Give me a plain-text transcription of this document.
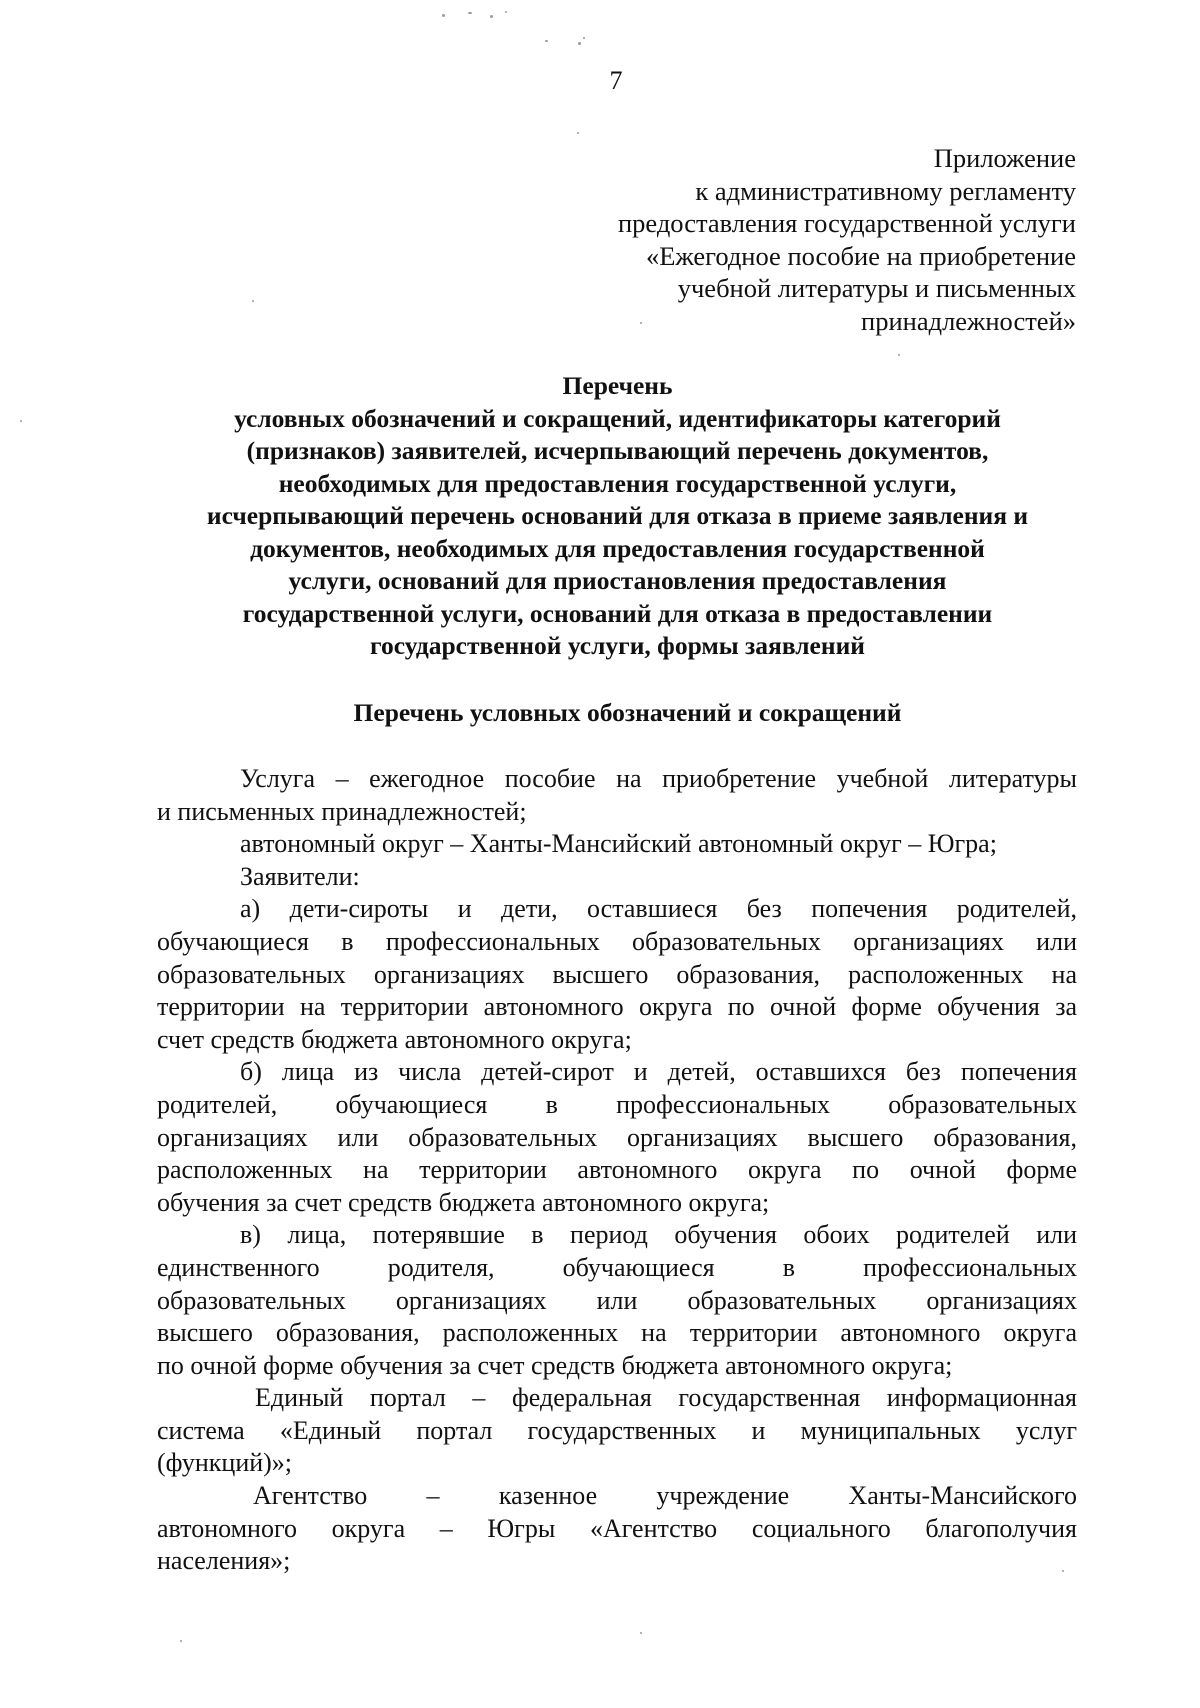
7
Приложение
к административному регламенту
предоставления государственной услуги
«Ежегодное пособие на приобретение
учебной литературы и письменных
принадлежностей»
Перечень
условных обозначений и сокращений, идентификаторы категорий
(признаков) заявителей, исчерпывающий перечень документов,
необходимых для предоставления государственной услуги,
исчерпывающий перечень оснований для отказа в приеме заявления и
документов, необходимых для предоставления государственной
услуги, оснований для приостановления предоставления
государственной услуги, оснований для отказа в предоставлении
государственной услуги, формы заявлений
Перечень условных обозначений и сокращений
Услуга – ежегодное пособие на приобретение учебной литературы
и письменных принадлежностей;
автономный округ – Ханты-Мансийский автономный округ – Югра;
Заявители:
а) дети-сироты и дети, оставшиеся без попечения родителей,
обучающиеся в профессиональных образовательных организациях или
образовательных организациях высшего образования, расположенных на
территории на территории автономного округа по очной форме обучения за
счет средств бюджета автономного округа;
б) лица из числа детей-сирот и детей, оставшихся без попечения
родителей, обучающиеся в профессиональных образовательных
организациях или образовательных организациях высшего образования,
расположенных на территории автономного округа по очной форме
обучения за счет средств бюджета автономного округа;
в) лица, потерявшие в период обучения обоих родителей или
единственного родителя, обучающиеся в профессиональных
образовательных организациях или образовательных организациях
высшего образования, расположенных на территории автономного округа
по очной форме обучения за счет средств бюджета автономного округа;
Единый портал – федеральная государственная информационная
система «Единый портал государственных и муниципальных услуг
(функций)»;
Агентство – казенное учреждение Ханты-Мансийского
автономного округа – Югры «Агентство социального благополучия
населения»;
